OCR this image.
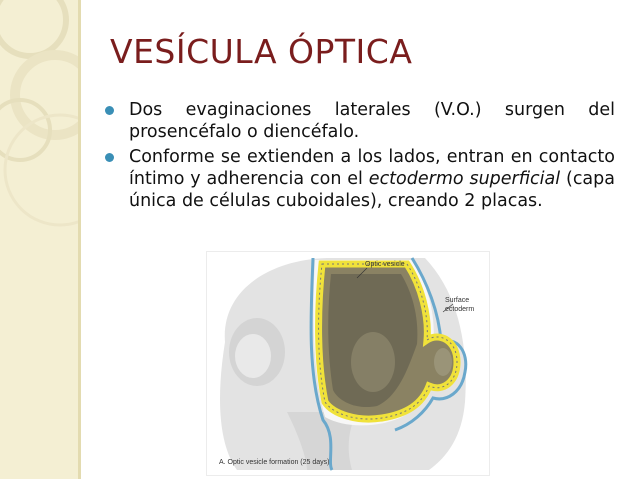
VESÍCULA ÓPTICA
Dos evaginaciones laterales (V.O.) surgen del prosencéfalo o diencéfalo.
Conforme se extienden a los lados, entran en contacto íntimo y adherencia con el ectodermo superficial (capa única de células cuboidales), creando 2 placas.
Optic vesicle
Surface
ectoderm
A. Optic vesicle formation (25 days)
